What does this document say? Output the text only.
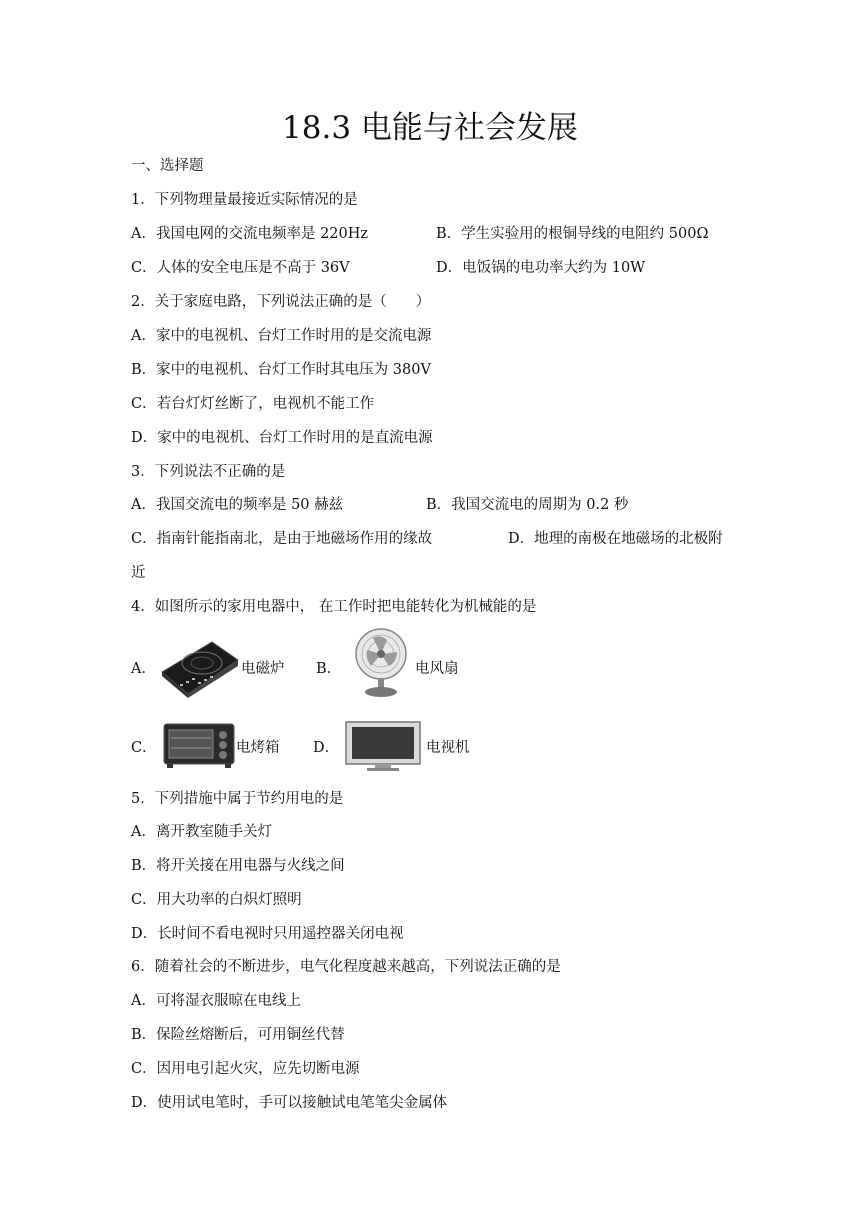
18.3 电能与社会发展
一、选择题
1．下列物理量最接近实际情况的是
A．我国电网的交流电频率是 220Hz	B．学生实验用的根铜导线的电阻约 500Ω
C．人体的安全电压是不高于 36V	D．电饭锅的电功率大约为 10W
2．关于家庭电路，下列说法正确的是（　　）
A．家中的电视机、台灯工作时用的是交流电源
B．家中的电视机、台灯工作时其电压为 380V
C．若台灯灯丝断了，电视机不能工作
D．家中的电视机、台灯工作时用的是直流电源
3．下列说法不正确的是
A．我国交流电的频率是 50 赫兹	B．我国交流电的周期为 0.2 秒
C．指南针能指南北，是由于地磁场作用的缘故	D．地理的南极在地磁场的北极附
近
4．如图所示的家用电器中， 在工作时把电能转化为机械能的是
A．	电磁炉 B．	电风扇
C．	电烤箱 D．	电视机
5．下列措施中属于节约用电的是
A．离开教室随手关灯
B．将开关接在用电器与火线之间
C．用大功率的白炽灯照明
D．长时间不看电视时只用遥控器关闭电视
6．随着社会的不断进步，电气化程度越来越高，下列说法正确的是
A．可将湿衣服晾在电线上
B．保险丝熔断后，可用铜丝代替
C．因用电引起火灾，应先切断电源
D．使用试电笔时，手可以接触试电笔笔尖金属体
